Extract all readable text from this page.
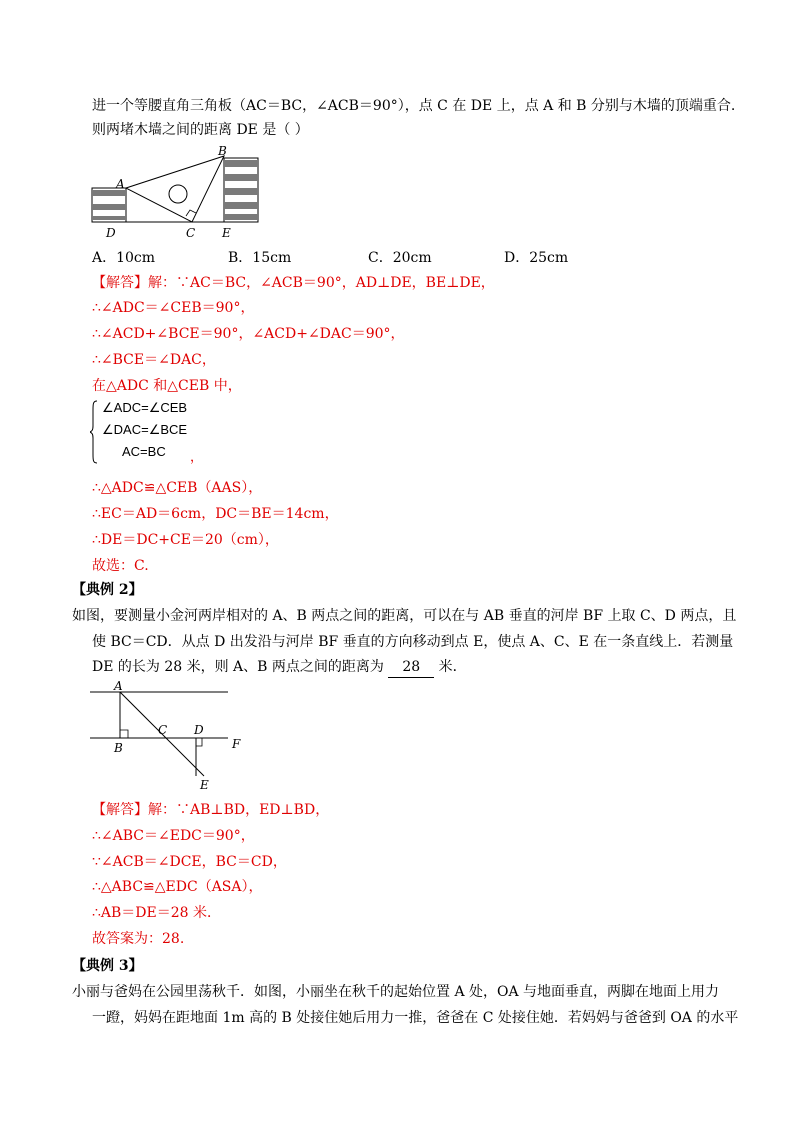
进一个等腰直角三角板（AC＝BC，∠ACB＝90°），点 C 在 DE 上，点 A 和 B 分别与木墙的顶端重合.
则两堵木墙之间的距离 DE 是（ ）
A
B
C
D	E
A．10cm	B．15cm	C．20cm	D．25cm
【解答】解：∵AC＝BC，∠ACB＝90°，AD⊥DE，BE⊥DE，
∴∠ADC＝∠CEB＝90°，
∴∠ACD+∠BCE＝90°，∠ACD+∠DAC＝90°，
∴∠BCE＝∠DAC，
在△ADC 和△CEB 中，
∠ADC=∠CEB
∠DAC=∠BCE
AC=BC ，
∴△ADC≌△CEB（AAS），
∴EC＝AD＝6cm，DC＝BE＝14cm，
∴DE＝DC+CE＝20（cm），
故选：C.
【典例 2】
如图，要测量小金河两岸相对的 A、B 两点之间的距离，可以在与 AB 垂直的河岸 BF 上取 C、D 两点，且
使 BC＝CD．从点 D 出发沿与河岸 BF 垂直的方向移动到点 E，使点 A、C、E 在一条直线上．若测量
DE 的长为 28 米，则 A、B 两点之间的距离为 28 米．
A
B
C D
E
F
【解答】解：∵AB⊥BD，ED⊥BD，
∴∠ABC＝∠EDC＝90°，
∵∠ACB＝∠DCE，BC＝CD，
∴△ABC≌△EDC（ASA），
∴AB＝DE＝28 米．
故答案为：28.
【典例 3】
小丽与爸妈在公园里荡秋千．如图，小丽坐在秋千的起始位置 A 处，OA 与地面垂直，两脚在地面上用力
一蹬，妈妈在距地面 1m 高的 B 处接住她后用力一推，爸爸在 C 处接住她．若妈妈与爸爸到 OA 的水平
